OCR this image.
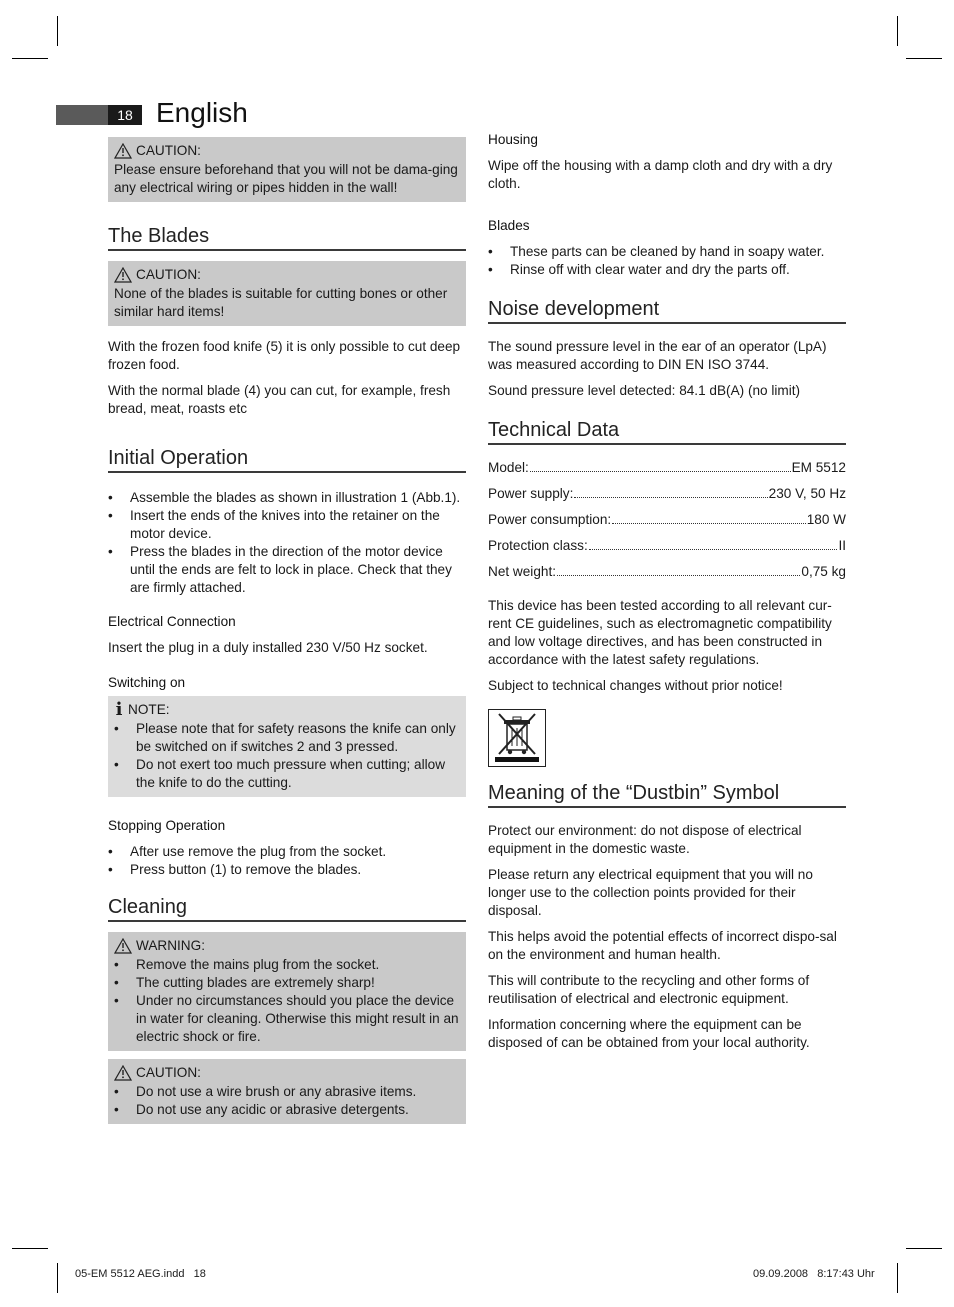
18 English
CAUTION:

Please ensure beforehand that you will not be dama-ging any electrical wiring or pipes hidden in the wall!

The Blades
CAUTION:

None of the blades is suitable for cutting bones or other similar hard items!

With the frozen food knife (5) it is only possible to cut deep frozen food.

With the normal blade (4) you can cut, for example, fresh bread, meat, roasts etc

Initial Operation
• Assemble the blades as shown in illustration 1 (Abb.1).
• Insert the ends of the knives into the retainer on the motor device.
• Press the blades in the direction of the motor device until the ends are felt to lock in place. Check that they are firmly attached.
Electrical Connection

Insert the plug in a duly installed 230 V/50 Hz socket.

Switching on
i NOTE:
• Please note that for safety reasons the knife can only be switched on if switches 2 and 3 pressed.
• Do not exert too much pressure when cutting; allow the knife to do the cutting.
Stopping Operation
• After use remove the plug from the socket.
• Press button (1) to remove the blades.
Cleaning
WARNING:
• Remove the mains plug from the socket.
• The cutting blades are extremely sharp!
• Under no circumstances should you place the device in water for cleaning. Otherwise this might result in an electric shock or fire.
CAUTION:
• Do not use a wire brush or any abrasive items.
• Do not use any acidic or abrasive detergents.
Housing

Wipe off the housing with a damp cloth and dry with a dry cloth.

Blades
• These parts can be cleaned by hand in soapy water.
• Rinse off with clear water and dry the parts off.
Noise development

The sound pressure level in the ear of an operator (LpA) was measured according to DIN EN ISO 3744.

Sound pressure level detected: 84.1 dB(A) (no limit)

Technical Data
Model:	EM 5512
Power supply:	230 V, 50 Hz
Power consumption:	180 W
Protection class:	II
Net weight:	0,75 kg

This device has been tested according to all relevant cur-rent CE guidelines, such as electromagnetic compatibility and low voltage directives, and has been constructed in accordance with the latest safety regulations.

Subject to technical changes without prior notice!

Meaning of the “Dustbin” Symbol

Protect our environment: do not dispose of electrical equipment in the domestic waste.

Please return any electrical equipment that you will no longer use to the collection points provided for their disposal.

This helps avoid the potential effects of incorrect dispo-sal on the environment and human health.

This will contribute to the recycling and other forms of reutilisation of electrical and electronic equipment.

Information concerning where the equipment can be disposed of can be obtained from your local authority.

05-EM 5512 AEG.indd   18	09.09.2008   8:17:43 Uhr
